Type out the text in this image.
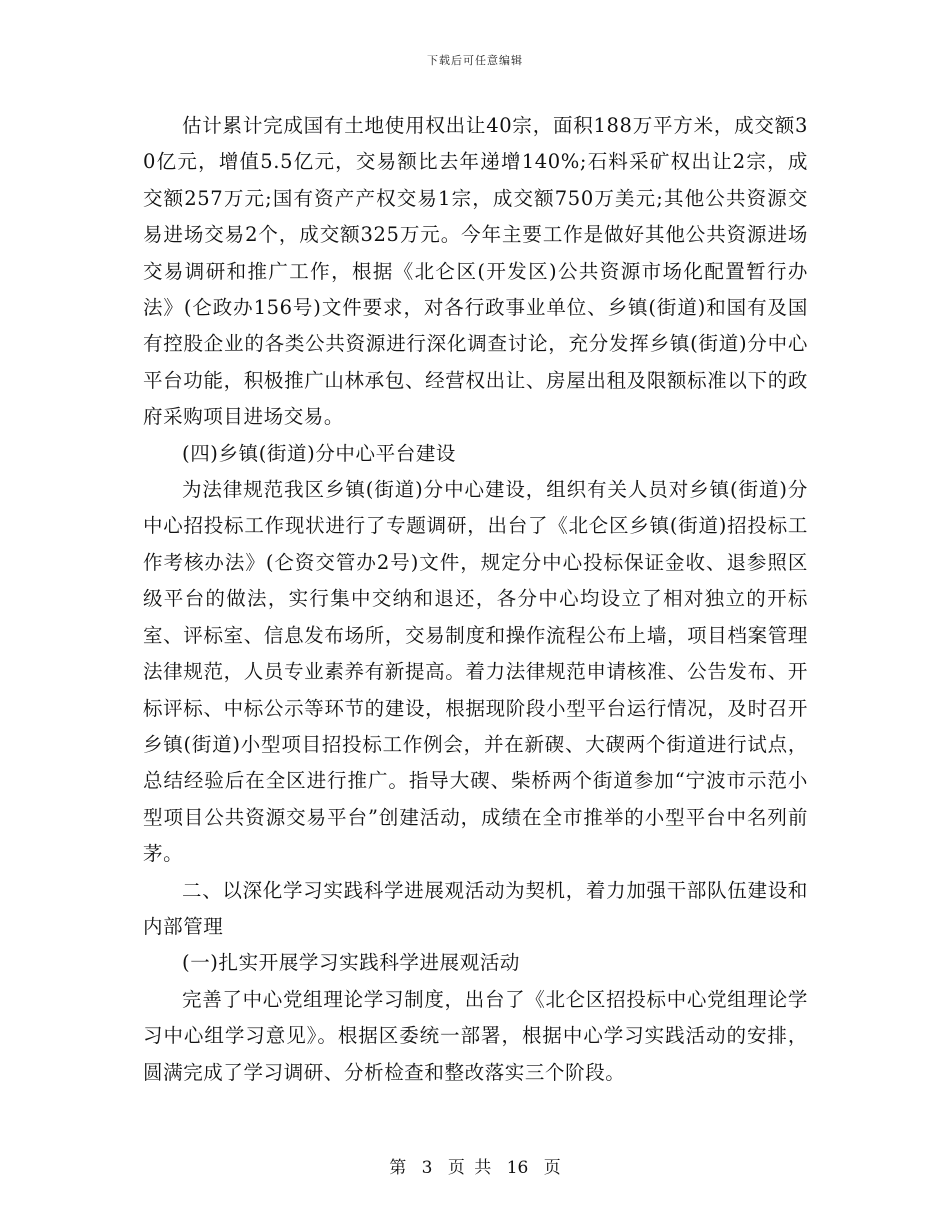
下载后可任意编辑

估计累计完成国有土地使用权出让40宗，面积188万平方米，成交额30亿元，增值5.5亿元，交易额比去年递增140%;石料采矿权出让2宗，成交额257万元;国有资产产权交易1宗，成交额750万美元;其他公共资源交易进场交易2个，成交额325万元。今年主要工作是做好其他公共资源进场交易调研和推广工作，根据《北仑区(开发区)公共资源市场化配置暂行办法》(仑政办156号)文件要求，对各行政事业单位、乡镇(街道)和国有及国有控股企业的各类公共资源进行深化调查讨论，充分发挥乡镇(街道)分中心平台功能，积极推广山林承包、经营权出让、房屋出租及限额标准以下的政府采购项目进场交易。

(四)乡镇(街道)分中心平台建设

为法律规范我区乡镇(街道)分中心建设，组织有关人员对乡镇(街道)分中心招投标工作现状进行了专题调研，出台了《北仑区乡镇(街道)招投标工作考核办法》(仑资交管办2号)文件，规定分中心投标保证金收、退参照区级平台的做法，实行集中交纳和退还，各分中心均设立了相对独立的开标室、评标室、信息发布场所，交易制度和操作流程公布上墙，项目档案管理法律规范，人员专业素养有新提高。着力法律规范申请核准、公告发布、开标评标、中标公示等环节的建设，根据现阶段小型平台运行情况，及时召开乡镇(街道)小型项目招投标工作例会，并在新碶、大碶两个街道进行试点，总结经验后在全区进行推广。指导大碶、柴桥两个街道参加“宁波市示范小型项目公共资源交易平台”创建活动，成绩在全市推举的小型平台中名列前茅。

二、以深化学习实践科学进展观活动为契机，着力加强干部队伍建设和内部管理

(一)扎实开展学习实践科学进展观活动

完善了中心党组理论学习制度，出台了《北仑区招投标中心党组理论学习中心组学习意见》。根据区委统一部署，根据中心学习实践活动的安排，圆满完成了学习调研、分析检查和整改落实三个阶段。

第 3 页 共 16 页
